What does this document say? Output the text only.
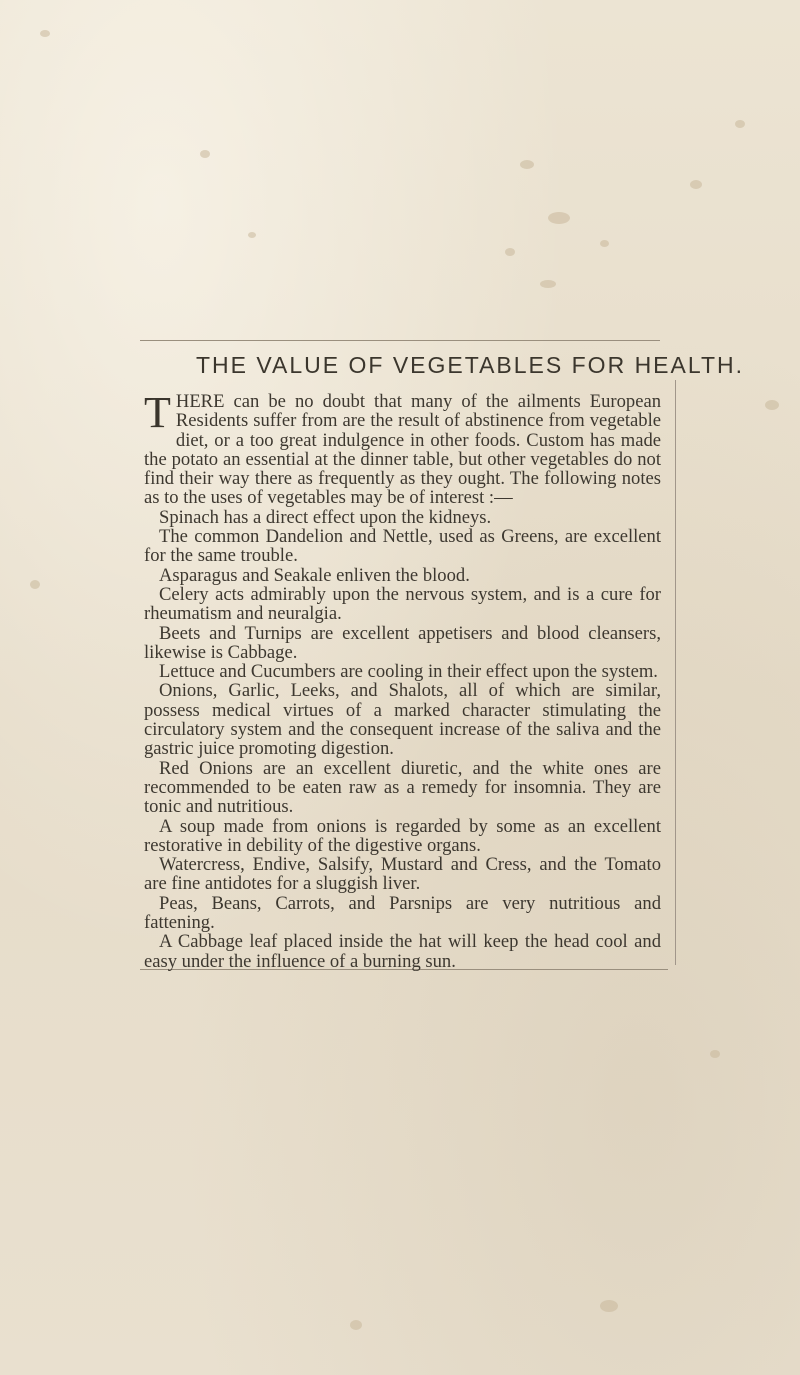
THE VALUE OF VEGETABLES FOR HEALTH.

THERE can be no doubt that many of the ailments European Residents suffer from are the result of abstinence from vegetable diet, or a too great indulgence in other foods. Custom has made the potato an essential at the dinner table, but other vegetables do not find their way there as frequently as they ought. The following notes as to the uses of vegetables may be of interest :—

Spinach has a direct effect upon the kidneys.

The common Dandelion and Nettle, used as Greens, are excellent for the same trouble.

Asparagus and Seakale enliven the blood.

Celery acts admirably upon the nervous system, and is a cure for rheumatism and neuralgia.

Beets and Turnips are excellent appetisers and blood cleansers, likewise is Cabbage.

Lettuce and Cucumbers are cooling in their effect upon the system.

Onions, Garlic, Leeks, and Shalots, all of which are similar, possess medical virtues of a marked character stimulating the circulatory system and the consequent increase of the saliva and the gastric juice promoting digestion.

Red Onions are an excellent diuretic, and the white ones are recommended to be eaten raw as a remedy for insomnia. They are tonic and nutritious.

A soup made from onions is regarded by some as an excellent restorative in debility of the digestive organs.

Watercress, Endive, Salsify, Mustard and Cress, and the Tomato are fine antidotes for a sluggish liver.

Peas, Beans, Carrots, and Parsnips are very nutritious and fattening.

A Cabbage leaf placed inside the hat will keep the head cool and easy under the influence of a burning sun.
